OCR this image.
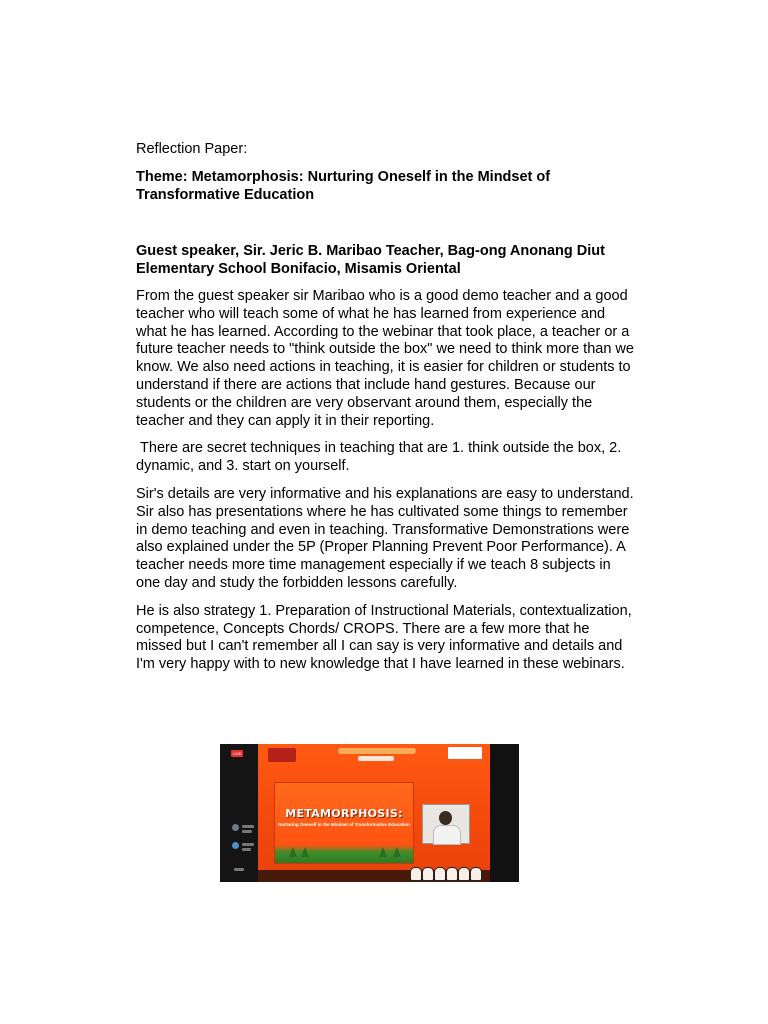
Reflection Paper:

Theme: Metamorphosis: Nurturing Oneself in the Mindset of Transformative Education

Guest speaker, Sir. Jeric B. Maribao Teacher, Bag-ong Anonang Diut Elementary School Bonifacio, Misamis Oriental

From the guest speaker sir Maribao who is a good demo teacher and a good teacher who will teach some of what he has learned from experience and what he has learned. According to the webinar that took place, a teacher or a future teacher needs to "think outside the box" we need to think more than we know. We also need actions in teaching, it is easier for children or students to understand if there are actions that include hand gestures. Because our students or the children are very observant around them, especially the teacher and they can apply it in their reporting.

There are secret techniques in teaching that are 1. think outside the box, 2. dynamic, and 3. start on yourself.

Sir's details are very informative and his explanations are easy to understand. Sir also has presentations where he has cultivated some things to remember in demo teaching and even in teaching. Transformative Demonstrations were also explained under the 5P (Proper Planning Prevent Poor Performance). A teacher needs more time management especially if we teach 8 subjects in one day and study the forbidden lessons carefully.

He is also strategy 1. Preparation of Instructional Materials, contextualization, competence, Concepts Chords/ CROPS. There are a few more that he missed but I can't remember all I can say is very informative and details and I'm very happy with to new knowledge that I have learned in these webinars.

LIVE
METAMORPHOSIS:
Nurturing Oneself in the Mindset of Transformative Education
